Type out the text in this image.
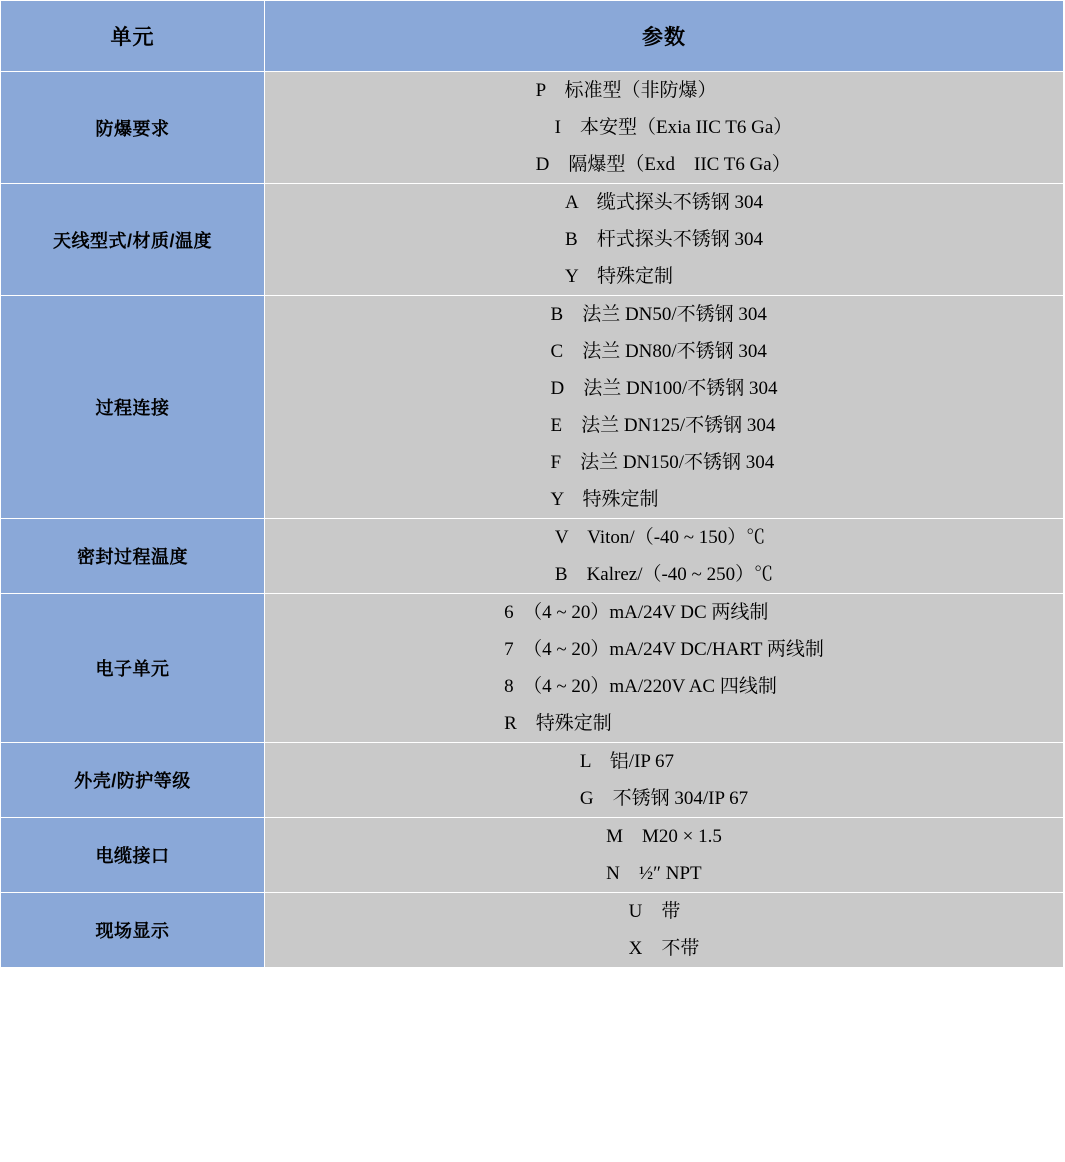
单元	参数
防爆要求	
P　标准型（非防爆）
　I　本安型（Exia IIC T6 Ga）
D　隔爆型（Exd　IIC T6 Ga）

天线型式/材质/温度	
A　缆式探头不锈钢 304
B　杆式探头不锈钢 304
Y　特殊定制

过程连接	
B　法兰 DN50/不锈钢 304
C　法兰 DN80/不锈钢 304
D　法兰 DN100/不锈钢 304
E　法兰 DN125/不锈钢 304
F　法兰 DN150/不锈钢 304
Y　特殊定制

密封过程温度	
V　Viton/（-40 ~ 150）℃
B　Kalrez/（-40 ~ 250）℃

电子单元	
6　（4 ~ 20）mA/24V DC 两线制
7　（4 ~ 20）mA/24V DC/HART 两线制
8　（4 ~ 20）mA/220V AC 四线制
R　特殊定制

外壳/防护等级	
L　铝/IP 67
G　不锈钢 304/IP 67

电缆接口	
M　M20 × 1.5
N　½″ NPT

现场显示	
U　带
X　不带
